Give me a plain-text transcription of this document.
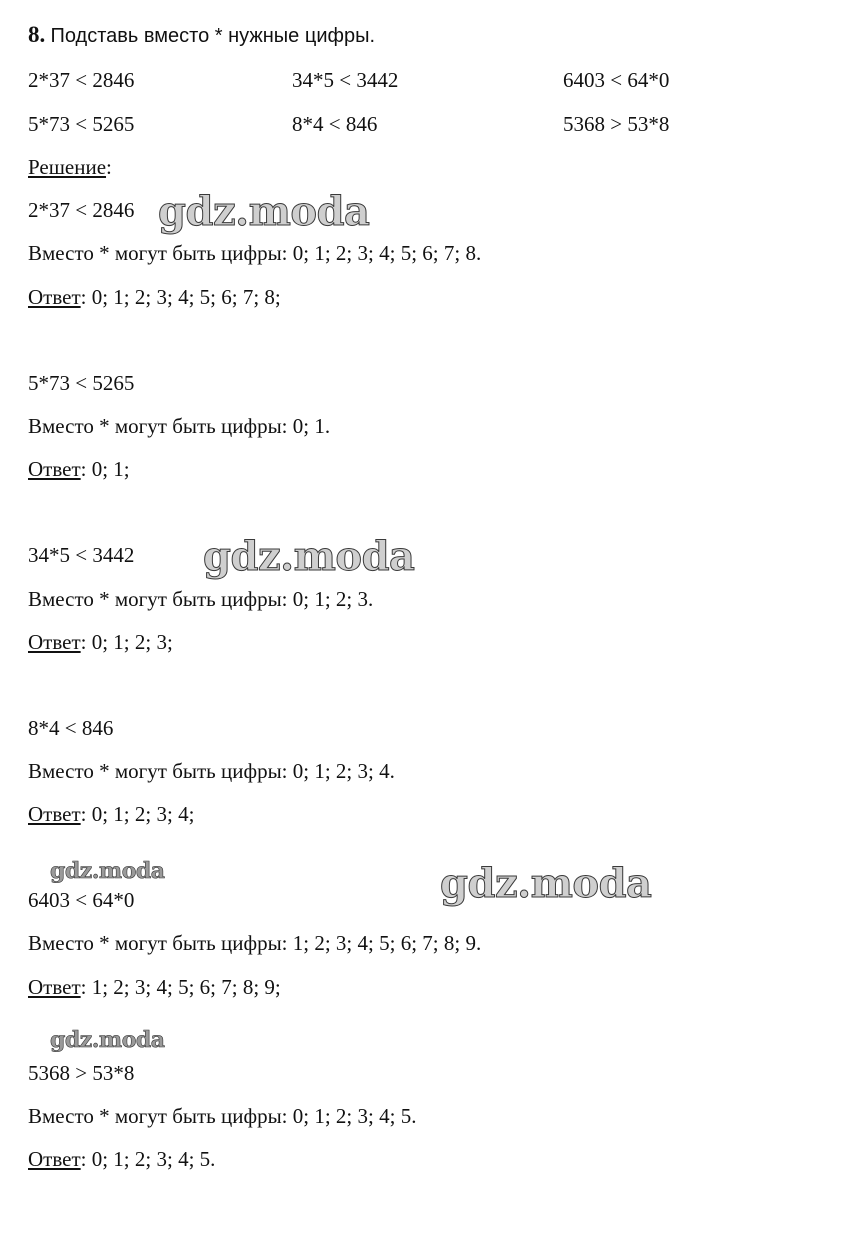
8. Подставь вместо * нужные цифры.
2*37 < 2846	34*5 < 3442	6403 < 64*0
5*73 < 5265	8*4 < 846	5368 > 53*8
Решение:
2*37 < 2846
Вместо * могут быть цифры: 0; 1; 2; 3; 4; 5; 6; 7; 8.
Ответ: 0; 1; 2; 3; 4; 5; 6; 7; 8;
5*73 < 5265
Вместо * могут быть цифры: 0; 1.
Ответ: 0; 1;
34*5 < 3442
Вместо * могут быть цифры: 0; 1; 2; 3.
Ответ: 0; 1; 2; 3;
8*4 < 846
Вместо * могут быть цифры: 0; 1; 2; 3; 4.
Ответ: 0; 1; 2; 3; 4;
6403 < 64*0
Вместо * могут быть цифры: 1; 2; 3; 4; 5; 6; 7; 8; 9.
Ответ: 1; 2; 3; 4; 5; 6; 7; 8; 9;
5368 > 53*8
Вместо * могут быть цифры: 0; 1; 2; 3; 4; 5.
Ответ: 0; 1; 2; 3; 4; 5.
gdz.moda
gdz.moda
gdz.moda
gdz.moda
gdz.moda
